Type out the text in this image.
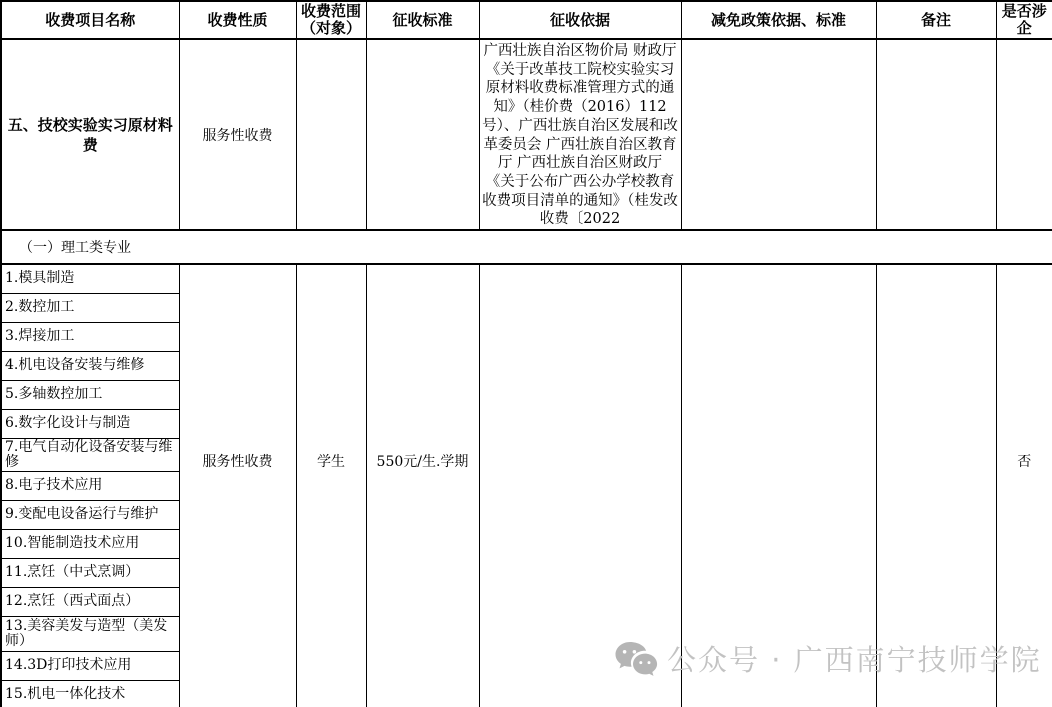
收费项目名称	收费性质	收费范围（对象）	征收标准	征收依据	减免政策依据、标准	备注	是否涉企
五、技校实验实习原材料费	服务性收费			广西壮族自治区物价局 财政厅《关于改革技工院校实验实习原材料收费标准管理方式的通知》（桂价费（2016）112号）、广西壮族自治区发展和改革委员会 广西壮族自治区教育厅 广西壮族自治区财政厅 《关于公布广西公办学校教育收费项目清单的通知》（桂发改收费〔2022			
（一）理工类专业							
1.模具制造	服务性收费	学生	550元/生.学期				否
2.数控加工							
3.焊接加工							
4.机电设备安装与维修							
5.多轴数控加工							
6.数字化设计与制造							
7.电气自动化设备安装与维修							
8.电子技术应用							
9.变配电设备运行与维护							
10.智能制造技术应用							
11.烹饪（中式烹调）							
12.烹饪（西式面点）							
13.美容美发与造型（美发师）							
14.3D打印技术应用							
15.机电一体化技术							
公众号 · 广西南宁技师学院
